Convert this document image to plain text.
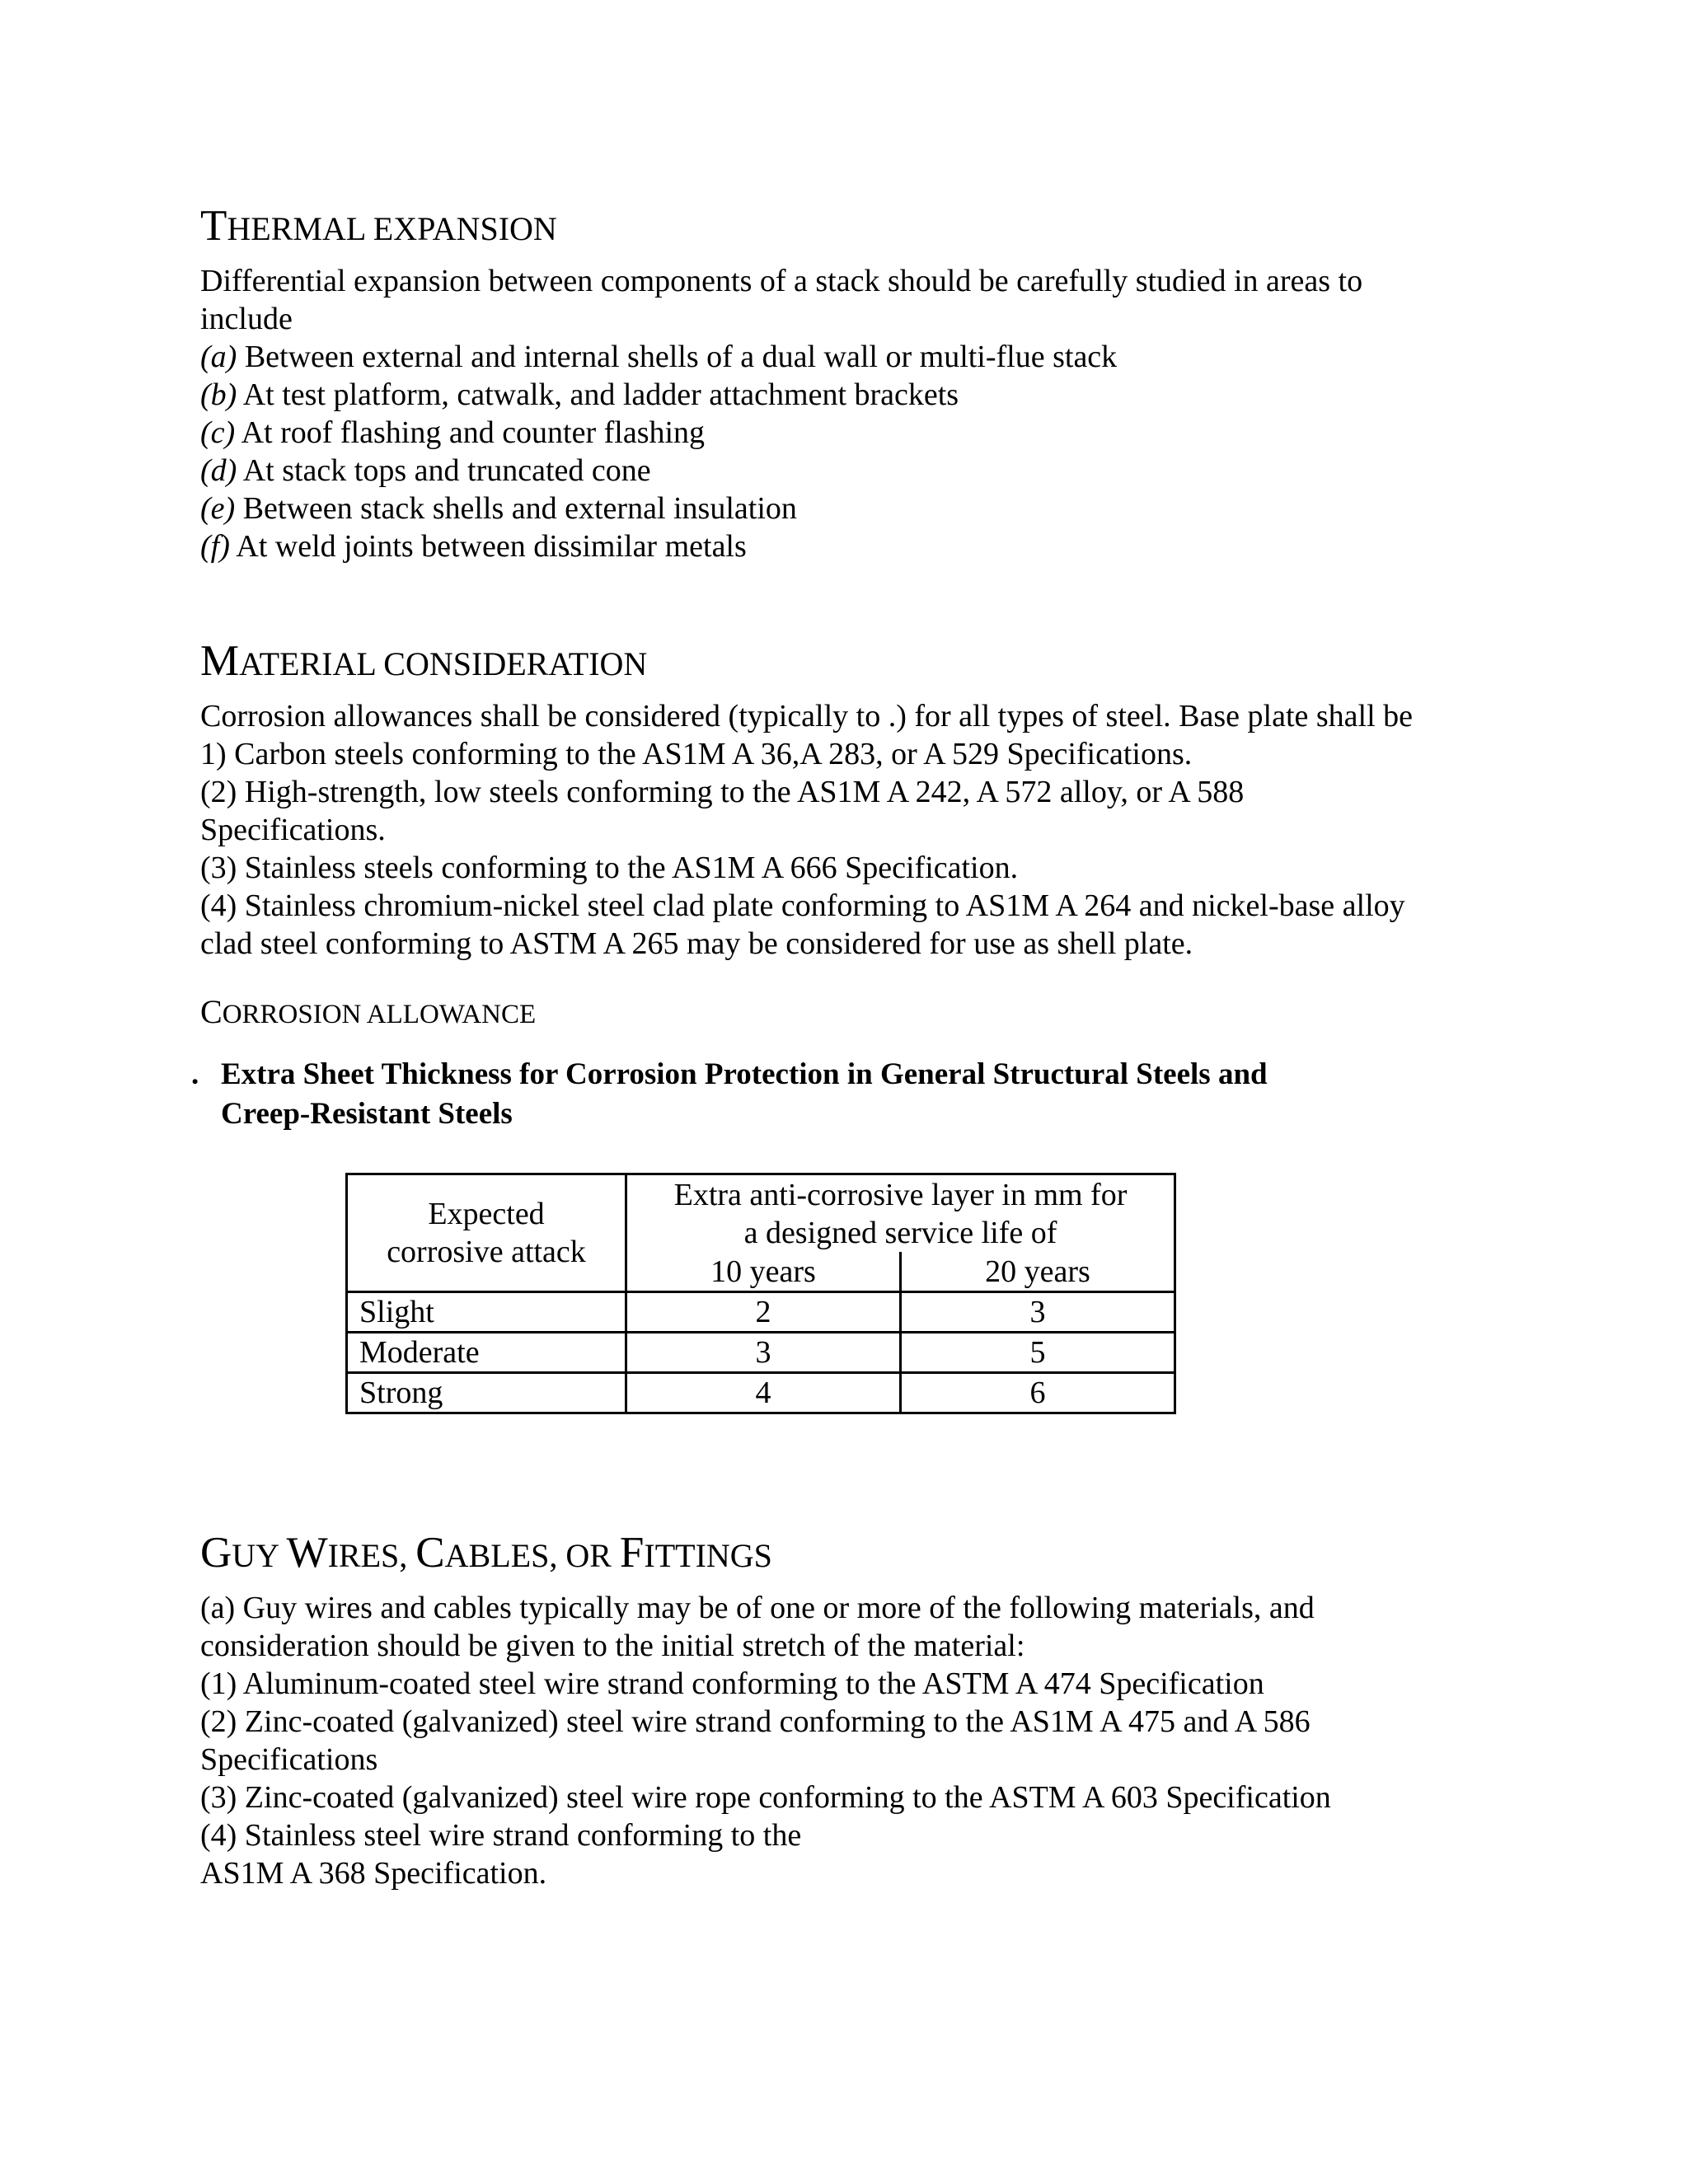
THERMAL EXPANSION
Differential expansion between components of a stack should be carefully studied in areas to
include
(a) Between external and internal shells of a dual wall or multi-flue stack
(b) At test platform, catwalk, and ladder attachment brackets
(c) At roof flashing and counter flashing
(d) At stack tops and truncated cone
(e) Between stack shells and external insulation
(f) At weld joints between dissimilar metals
MATERIAL CONSIDERATION
Corrosion allowances shall be considered (typically to .) for all types of steel. Base plate shall be
1) Carbon steels conforming to the AS1M A 36,A 283, or A 529 Specifications.
(2) High-strength, low steels conforming to the AS1M A 242, A 572 alloy, or A 588
Specifications.
(3) Stainless steels conforming to the AS1M A 666 Specification.
(4) Stainless chromium-nickel steel clad plate conforming to AS1M A 264 and nickel-base alloy
clad steel conforming to ASTM A 265 may be considered for use as shell plate.
CORROSION ALLOWANCE
. Extra Sheet Thickness for Corrosion Protection in General Structural Steels and
Creep-Resistant Steels
Expected
corrosive attack	Extra anti-corrosive layer in mm for
a designed service life of	

	10 years	20 years
Slight	2	3
Moderate	3	5
Strong	4	6
GUY WIRES, CABLES, OR FITTINGS
(a) Guy wires and cables typically may be of one or more of the following materials, and
consideration should be given to the initial stretch of the material:
(1) Aluminum-coated steel wire strand conforming to the ASTM A 474 Specification
(2) Zinc-coated (galvanized) steel wire strand conforming to the AS1M A 475 and A 586
Specifications
(3) Zinc-coated (galvanized) steel wire rope conforming to the ASTM A 603 Specification
(4) Stainless steel wire strand conforming to the
AS1M A 368 Specification.
